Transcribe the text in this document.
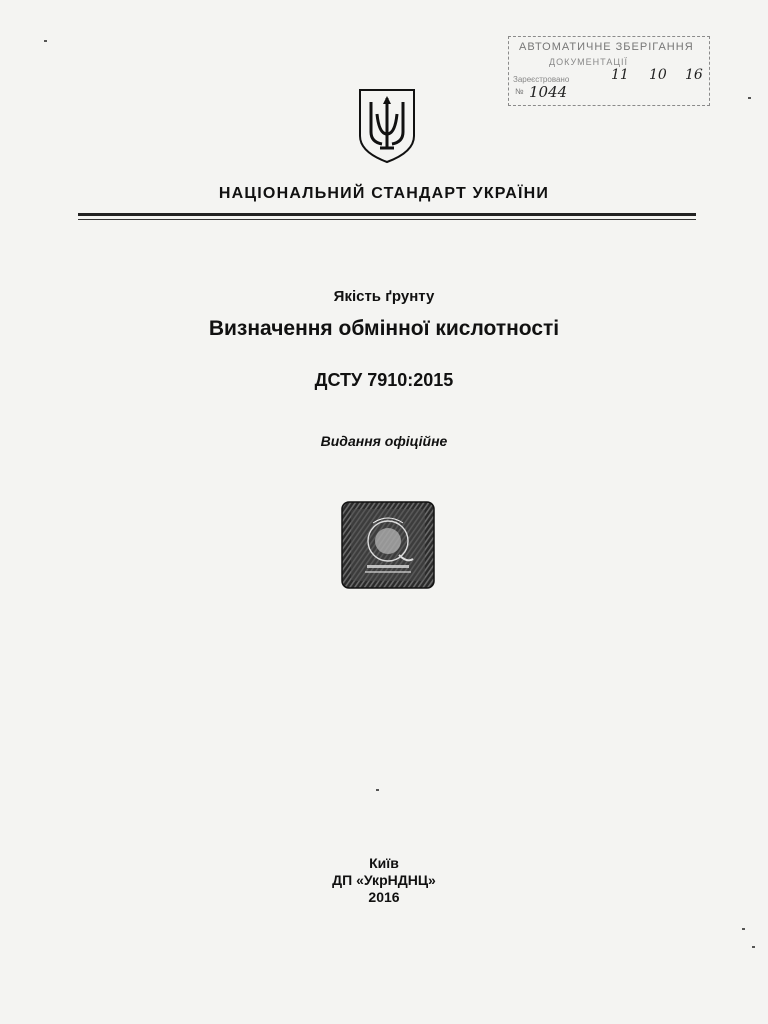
АВТОМАТИЧНЕ ЗБЕРІГАННЯ
ДОКУМЕНТАЦІЇ
Зареєстровано	11 10 16
№ 1044
НАЦІОНАЛЬНИЙ СТАНДАРТ УКРАЇНИ
Якість ґрунту
Визначення обмінної кислотності
ДСТУ 7910:2015
Видання офіційне
Київ
ДП «УкрНДНЦ»
2016
